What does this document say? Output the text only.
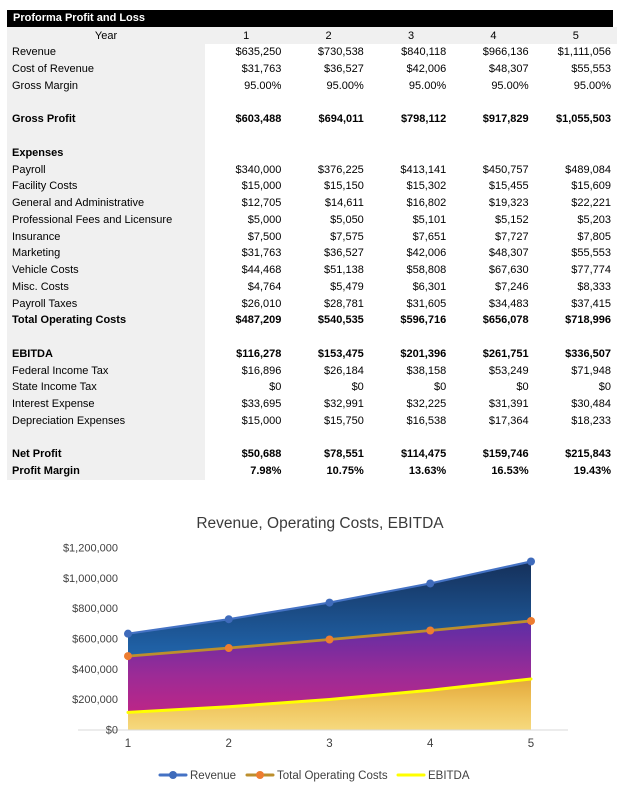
Proforma Profit and Loss
Year	1	2	3	4	5
Revenue	$635,250	$730,538	$840,118	$966,136	$1,111,056
Cost of Revenue	$31,763	$36,527	$42,006	$48,307	$55,553
Gross Margin	95.00%	95.00%	95.00%	95.00%	95.00%
Gross Profit	$603,488	$694,011	$798,112	$917,829	$1,055,503
Expenses
Payroll	$340,000	$376,225	$413,141	$450,757	$489,084
Facility Costs	$15,000	$15,150	$15,302	$15,455	$15,609
General and Administrative	$12,705	$14,611	$16,802	$19,323	$22,221
Professional Fees and Licensure	$5,000	$5,050	$5,101	$5,152	$5,203
Insurance	$7,500	$7,575	$7,651	$7,727	$7,805
Marketing	$31,763	$36,527	$42,006	$48,307	$55,553
Vehicle Costs	$44,468	$51,138	$58,808	$67,630	$77,774
Misc. Costs	$4,764	$5,479	$6,301	$7,246	$8,333
Payroll Taxes	$26,010	$28,781	$31,605	$34,483	$37,415
Total Operating Costs	$487,209	$540,535	$596,716	$656,078	$718,996
EBITDA	$116,278	$153,475	$201,396	$261,751	$336,507
Federal Income Tax	$16,896	$26,184	$38,158	$53,249	$71,948
State Income Tax	$0	$0	$0	$0	$0
Interest Expense	$33,695	$32,991	$32,225	$31,391	$30,484
Depreciation Expenses	$15,000	$15,750	$16,538	$17,364	$18,233
Net Profit	$50,688	$78,551	$114,475	$159,746	$215,843
Profit Margin	7.98%	10.75%	13.63%	16.53%	19.43%
$0
$200,000
$400,000
$600,000
$800,000
$1,000,000
$1,200,000
1	2	3	4	5
Revenue, Operating Costs, EBITDA
Revenue	Total Operating Costs	EBITDA
